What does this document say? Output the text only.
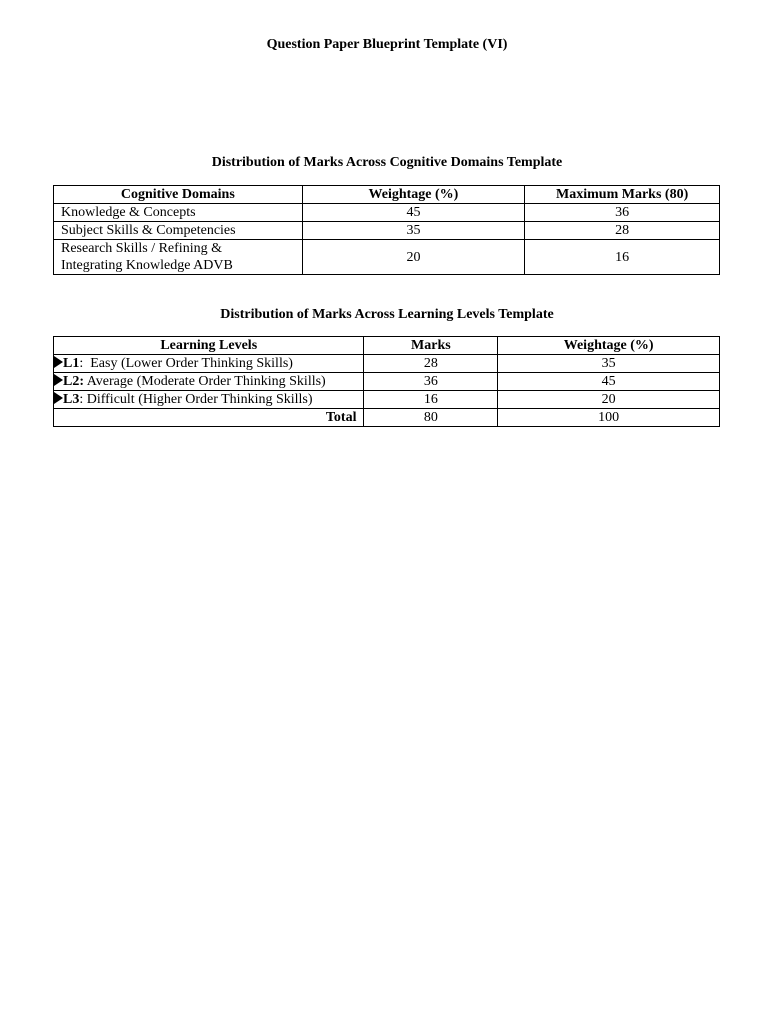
Question Paper Blueprint Template (VI)
Distribution of Marks Across Cognitive Domains Template
Cognitive Domains	Weightage (%)	Maximum Marks (80)
Knowledge & Concepts	45	36
Subject Skills & Competencies	35	28

Research Skills / Refining &
Integrating Knowledge ADVB	20	16
Distribution of Marks Across Learning Levels Template
Learning Levels	Marks	Weightage (%)
L1:  Easy (Lower Order Thinking Skills)	28	35
L2: Average (Moderate Order Thinking Skills)	36	45
L3: Difficult (Higher Order Thinking Skills)	16	20
Total	80	100
